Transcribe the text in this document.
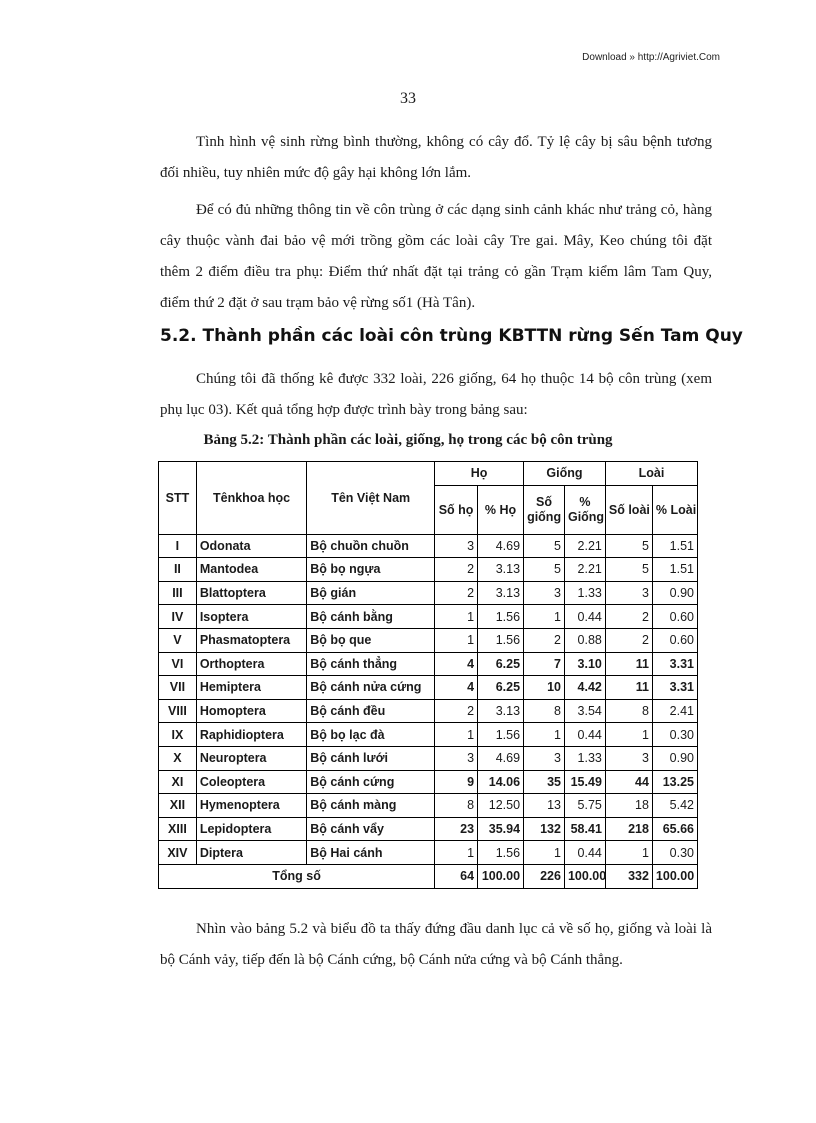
Download » http://Agriviet.Com
33

Tình hình vệ sinh rừng bình thường, không có cây đổ. Tỷ lệ cây bị sâu bệnh tương đối nhiều, tuy nhiên mức độ gây hại không lớn lắm.

Để có đủ những thông tin về côn trùng ở các dạng sinh cảnh khác như trảng cỏ, hàng cây thuộc vành đai bảo vệ mới trồng gồm các loài cây Tre gai. Mây, Keo chúng tôi đặt thêm 2 điểm điều tra phụ: Điểm thứ nhất đặt tại trảng cỏ gần Trạm kiểm lâm Tam Quy, điểm thứ 2 đặt ở sau trạm bảo vệ rừng số1 (Hà Tân).

5.2. Thành phần các loài côn trùng KBTTN rừng Sến Tam Quy

Chúng tôi đã thống kê được 332 loài, 226 giống, 64 họ thuộc 14 bộ côn trùng (xem phụ lục 03). Kết quả tổng hợp được trình bày trong bảng sau:

Bảng 5.2: Thành phần các loài, giống, họ trong các bộ côn trùng

STT	Tênkhoa học	Tên Việt Nam	Họ		Giống		Loài	
			Số họ	% Họ	Số giống	% Giống	Số loài	% Loài
I	Odonata	Bộ chuồn chuồn	3	4.69	5	2.21	5	1.51
II	Mantodea	Bộ bọ ngựa	2	3.13	5	2.21	5	1.51
III	Blattoptera	Bộ gián	2	3.13	3	1.33	3	0.90
IV	Isoptera	Bộ cánh bằng	1	1.56	1	0.44	2	0.60
V	Phasmatoptera	Bộ bọ que	1	1.56	2	0.88	2	0.60
VI	Orthoptera	Bộ cánh thẳng	4	6.25	7	3.10	11	3.31
VII	Hemiptera	Bộ cánh nửa cứng	4	6.25	10	4.42	11	3.31
VIII	Homoptera	Bộ cánh đều	2	3.13	8	3.54	8	2.41
IX	Raphidioptera	Bộ bọ lạc đà	1	1.56	1	0.44	1	0.30
X	Neuroptera	Bộ cánh lưới	3	4.69	3	1.33	3	0.90
XI	Coleoptera	Bộ cánh cứng	9	14.06	35	15.49	44	13.25
XII	Hymenoptera	Bộ cánh màng	8	12.50	13	5.75	18	5.42
XIII	Lepidoptera	Bộ cánh vẩy	23	35.94	132	58.41	218	65.66
XIV	Diptera	Bộ Hai cánh	1	1.56	1	0.44	1	0.30
Tổng số			64	100.00	226	100.00	332	100.00

Nhìn vào bảng 5.2 và biểu đồ ta thấy đứng đầu danh lục cả về số họ, giống và loài là bộ Cánh vảy, tiếp đến là bộ Cánh cứng, bộ Cánh nửa cứng và bộ Cánh thẳng.
